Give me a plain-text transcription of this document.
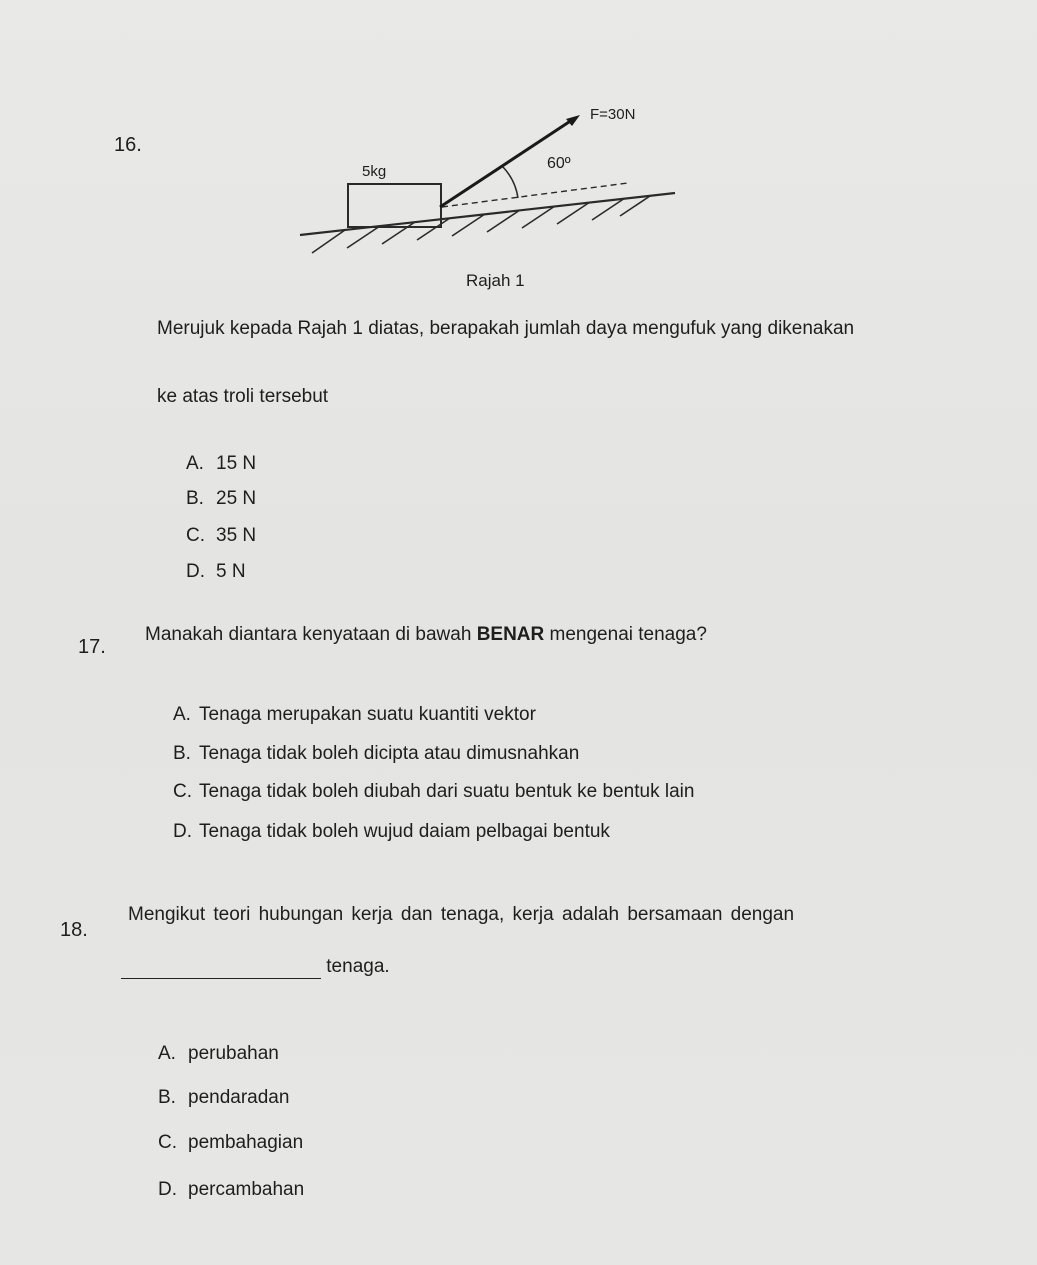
16.
F=30N
5kg	60º
Rajah 1
Merujuk kepada Rajah 1 diatas, berapakah jumlah daya mengufuk yang dikenakan
ke atas troli tersebut
A. 15 N
B. 25 N
C. 35 N
D. 5 N
17.
Manakah diantara kenyataan di bawah BENAR mengenai tenaga?
A. Tenaga merupakan suatu kuantiti vektor
B. Tenaga tidak boleh dicipta atau dimusnahkan
C. Tenaga tidak boleh diubah dari suatu bentuk ke bentuk lain
D. Tenaga tidak boleh wujud daiam pelbagai bentuk
18.
Mengikut teori hubungan kerja dan tenaga, kerja adalah bersamaan dengan
tenaga.
A. perubahan
B. pendaradan
C. pembahagian
D. percambahan
